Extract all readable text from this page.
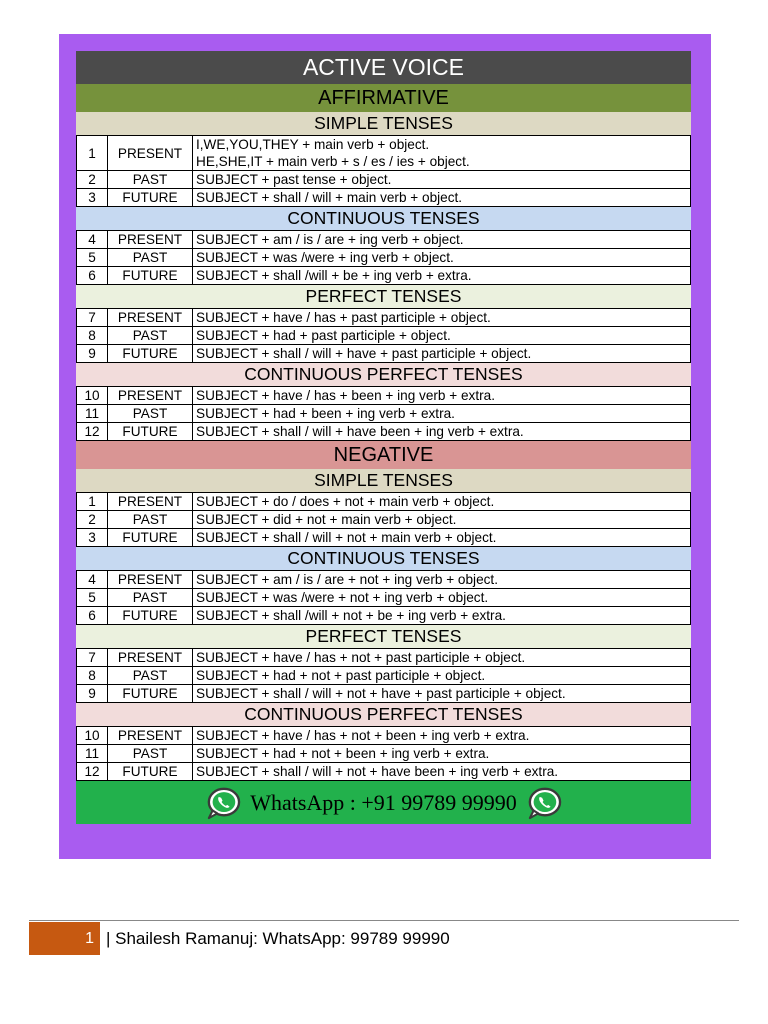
ACTIVE VOICE
AFFIRMATIVE
SIMPLE TENSES
1	PRESENT	I,WE,YOU,THEY + main verb + object.
HE,SHE,IT + main verb + s / es / ies + object.

2	PAST	SUBJECT + past tense + object.

3	FUTURE	SUBJECT + shall / will + main verb + object.
CONTINUOUS TENSES
4	PRESENT	SUBJECT + am / is / are + ing verb + object.

5	PAST	SUBJECT + was /were + ing verb + object.

6	FUTURE	SUBJECT + shall /will + be + ing verb + extra.
PERFECT TENSES
7	PRESENT	SUBJECT + have / has + past participle + object.

8	PAST	SUBJECT + had + past participle + object.

9	FUTURE	SUBJECT + shall / will + have + past participle + object.
CONTINUOUS PERFECT TENSES
10	PRESENT	SUBJECT + have / has + been + ing verb + extra.

11	PAST	SUBJECT + had + been + ing verb + extra.

12	FUTURE	SUBJECT + shall / will + have been + ing verb + extra.
NEGATIVE
SIMPLE TENSES
1	PRESENT	SUBJECT + do / does + not + main verb + object.

2	PAST	SUBJECT + did + not + main verb + object.

3	FUTURE	SUBJECT + shall / will + not + main verb + object.
CONTINUOUS TENSES
4	PRESENT	SUBJECT + am / is / are + not + ing verb + object.

5	PAST	SUBJECT + was /were + not + ing verb + object.

6	FUTURE	SUBJECT + shall /will + not + be + ing verb + extra.
PERFECT TENSES
7	PRESENT	SUBJECT + have / has + not + past participle + object.

8	PAST	SUBJECT + had + not + past participle + object.

9	FUTURE	SUBJECT + shall / will + not + have + past participle + object.
CONTINUOUS PERFECT TENSES
10	PRESENT	SUBJECT + have / has + not + been + ing verb + extra.

11	PAST	SUBJECT + had + not + been + ing verb + extra.

12	FUTURE	SUBJECT + shall / will + not + have been + ing verb + extra.
WhatsApp : +91 99789 99990
1 | Shailesh Ramanuj: WhatsApp: 99789 99990
